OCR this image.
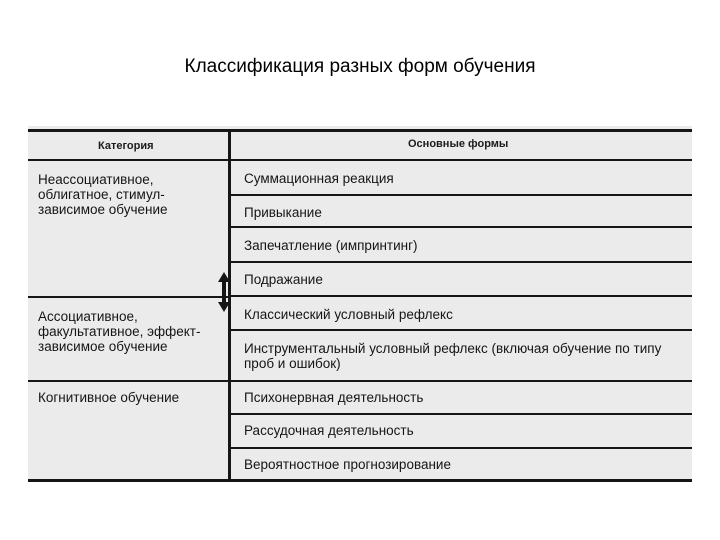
Классификация разных форм обучения
Категория	Основные формы
Неассоциативное, облигатное, стимул-зависимое обучение
Ассоциативное, факультативное, эффект-зависимое обучение
Когнитивное обучение
Суммационная реакция
Привыкание
Запечатление (импринтинг)
Подражание
Классический условный рефлекс
Инструментальный условный рефлекс (включая обучение по типу проб и ошибок)
Психонервная деятельность
Рассудочная деятельность
Вероятностное прогнозирование
